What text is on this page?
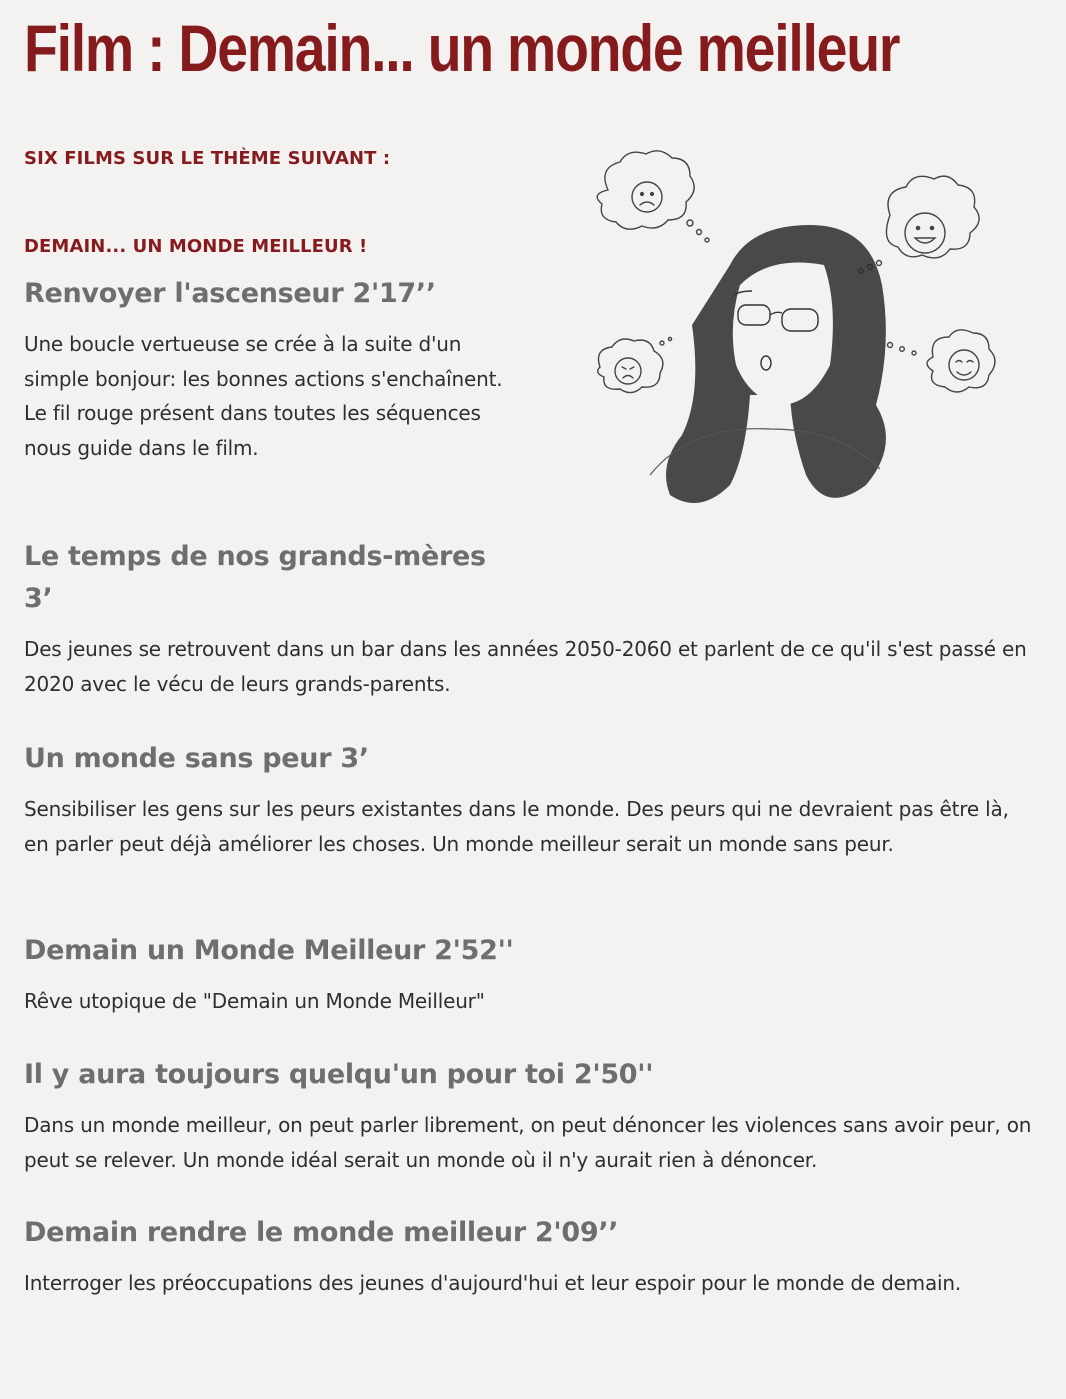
Film : Demain... un monde meilleur

SIX FILMS SUR LE THÈME SUIVANT :

DEMAIN... UN MONDE MEILLEUR !

Renvoyer l'ascenseur 2'17’’

Une boucle vertueuse se crée à la suite d'un simple bonjour: les bonnes actions s'enchaînent. Le fil rouge présent dans toutes les séquences nous guide dans le film.

Le temps de nos grands-mères 3’

Des jeunes se retrouvent dans un bar dans les années 2050-2060 et parlent de ce qu'il s'est passé en 2020 avec le vécu de leurs grands-parents.

Un monde sans peur 3’

Sensibiliser les gens sur les peurs existantes dans le monde. Des peurs qui ne devraient pas être là, en parler peut déjà améliorer les choses. Un monde meilleur serait un monde sans peur.

Demain un Monde Meilleur 2'52''

Rêve utopique de "Demain un Monde Meilleur"

Il y aura toujours quelqu'un pour toi 2'50''

Dans un monde meilleur, on peut parler librement, on peut dénoncer les violences sans avoir peur, on peut se relever. Un monde idéal serait un monde où il n'y aurait rien à dénoncer.

Demain rendre le monde meilleur 2'09’’

Interroger les préoccupations des jeunes d'aujourd'hui et leur espoir pour le monde de demain.
